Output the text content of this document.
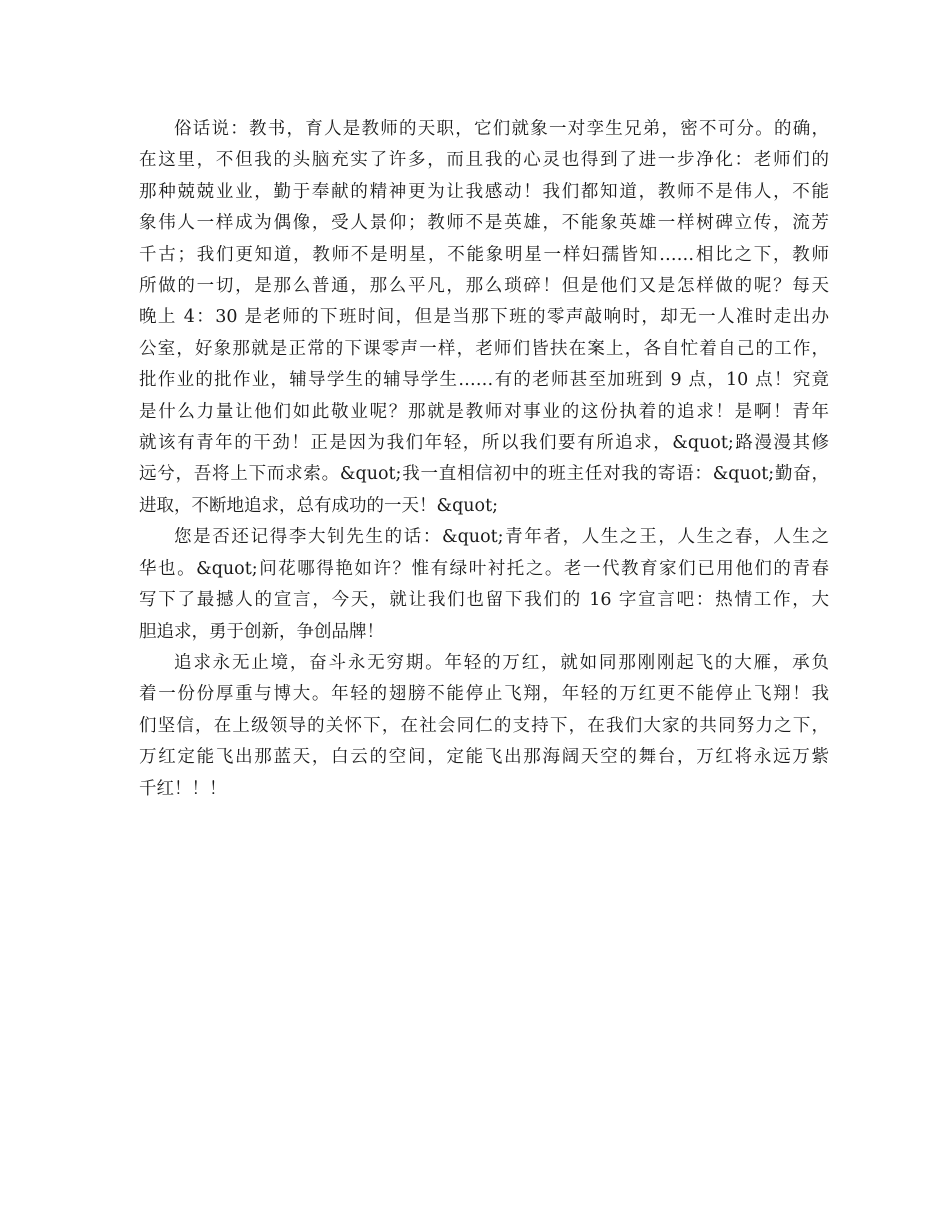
俗话说：教书，育人是教师的天职，它们就象一对孪生兄弟，密不可分。的确，
在这里，不但我的头脑充实了许多，而且我的心灵也得到了进一步净化：老师们的
那种兢兢业业，勤于奉献的精神更为让我感动！我们都知道，教师不是伟人，不能
象伟人一样成为偶像，受人景仰；教师不是英雄，不能象英雄一样树碑立传，流芳
千古；我们更知道，教师不是明星，不能象明星一样妇孺皆知……相比之下，教师
所做的一切，是那么普通，那么平凡，那么琐碎！但是他们又是怎样做的呢？每天
晚上 4：30 是老师的下班时间，但是当那下班的零声敲响时，却无一人准时走出办
公室，好象那就是正常的下课零声一样，老师们皆扶在案上，各自忙着自己的工作，
批作业的批作业，辅导学生的辅导学生……有的老师甚至加班到 9 点，10 点！究竟
是什么力量让他们如此敬业呢？那就是教师对事业的这份执着的追求！是啊！青年
就该有青年的干劲！正是因为我们年轻，所以我们要有所追求，&quot;路漫漫其修
远兮，吾将上下而求索。&quot;我一直相信初中的班主任对我的寄语：&quot;勤奋，
进取，不断地追求，总有成功的一天！&quot;

您是否还记得李大钊先生的话：&quot;青年者，人生之王，人生之春，人生之
华也。&quot;问花哪得艳如许？惟有绿叶衬托之。老一代教育家们已用他们的青春
写下了最撼人的宣言，今天，就让我们也留下我们的 16 字宣言吧：热情工作，大
胆追求，勇于创新，争创品牌！

追求永无止境，奋斗永无穷期。年轻的万红，就如同那刚刚起飞的大雁，承负
着一份份厚重与博大。年轻的翅膀不能停止飞翔，年轻的万红更不能停止飞翔！我
们坚信，在上级领导的关怀下，在社会同仁的支持下，在我们大家的共同努力之下，
万红定能飞出那蓝天，白云的空间，定能飞出那海阔天空的舞台，万红将永远万紫
千红！！！
